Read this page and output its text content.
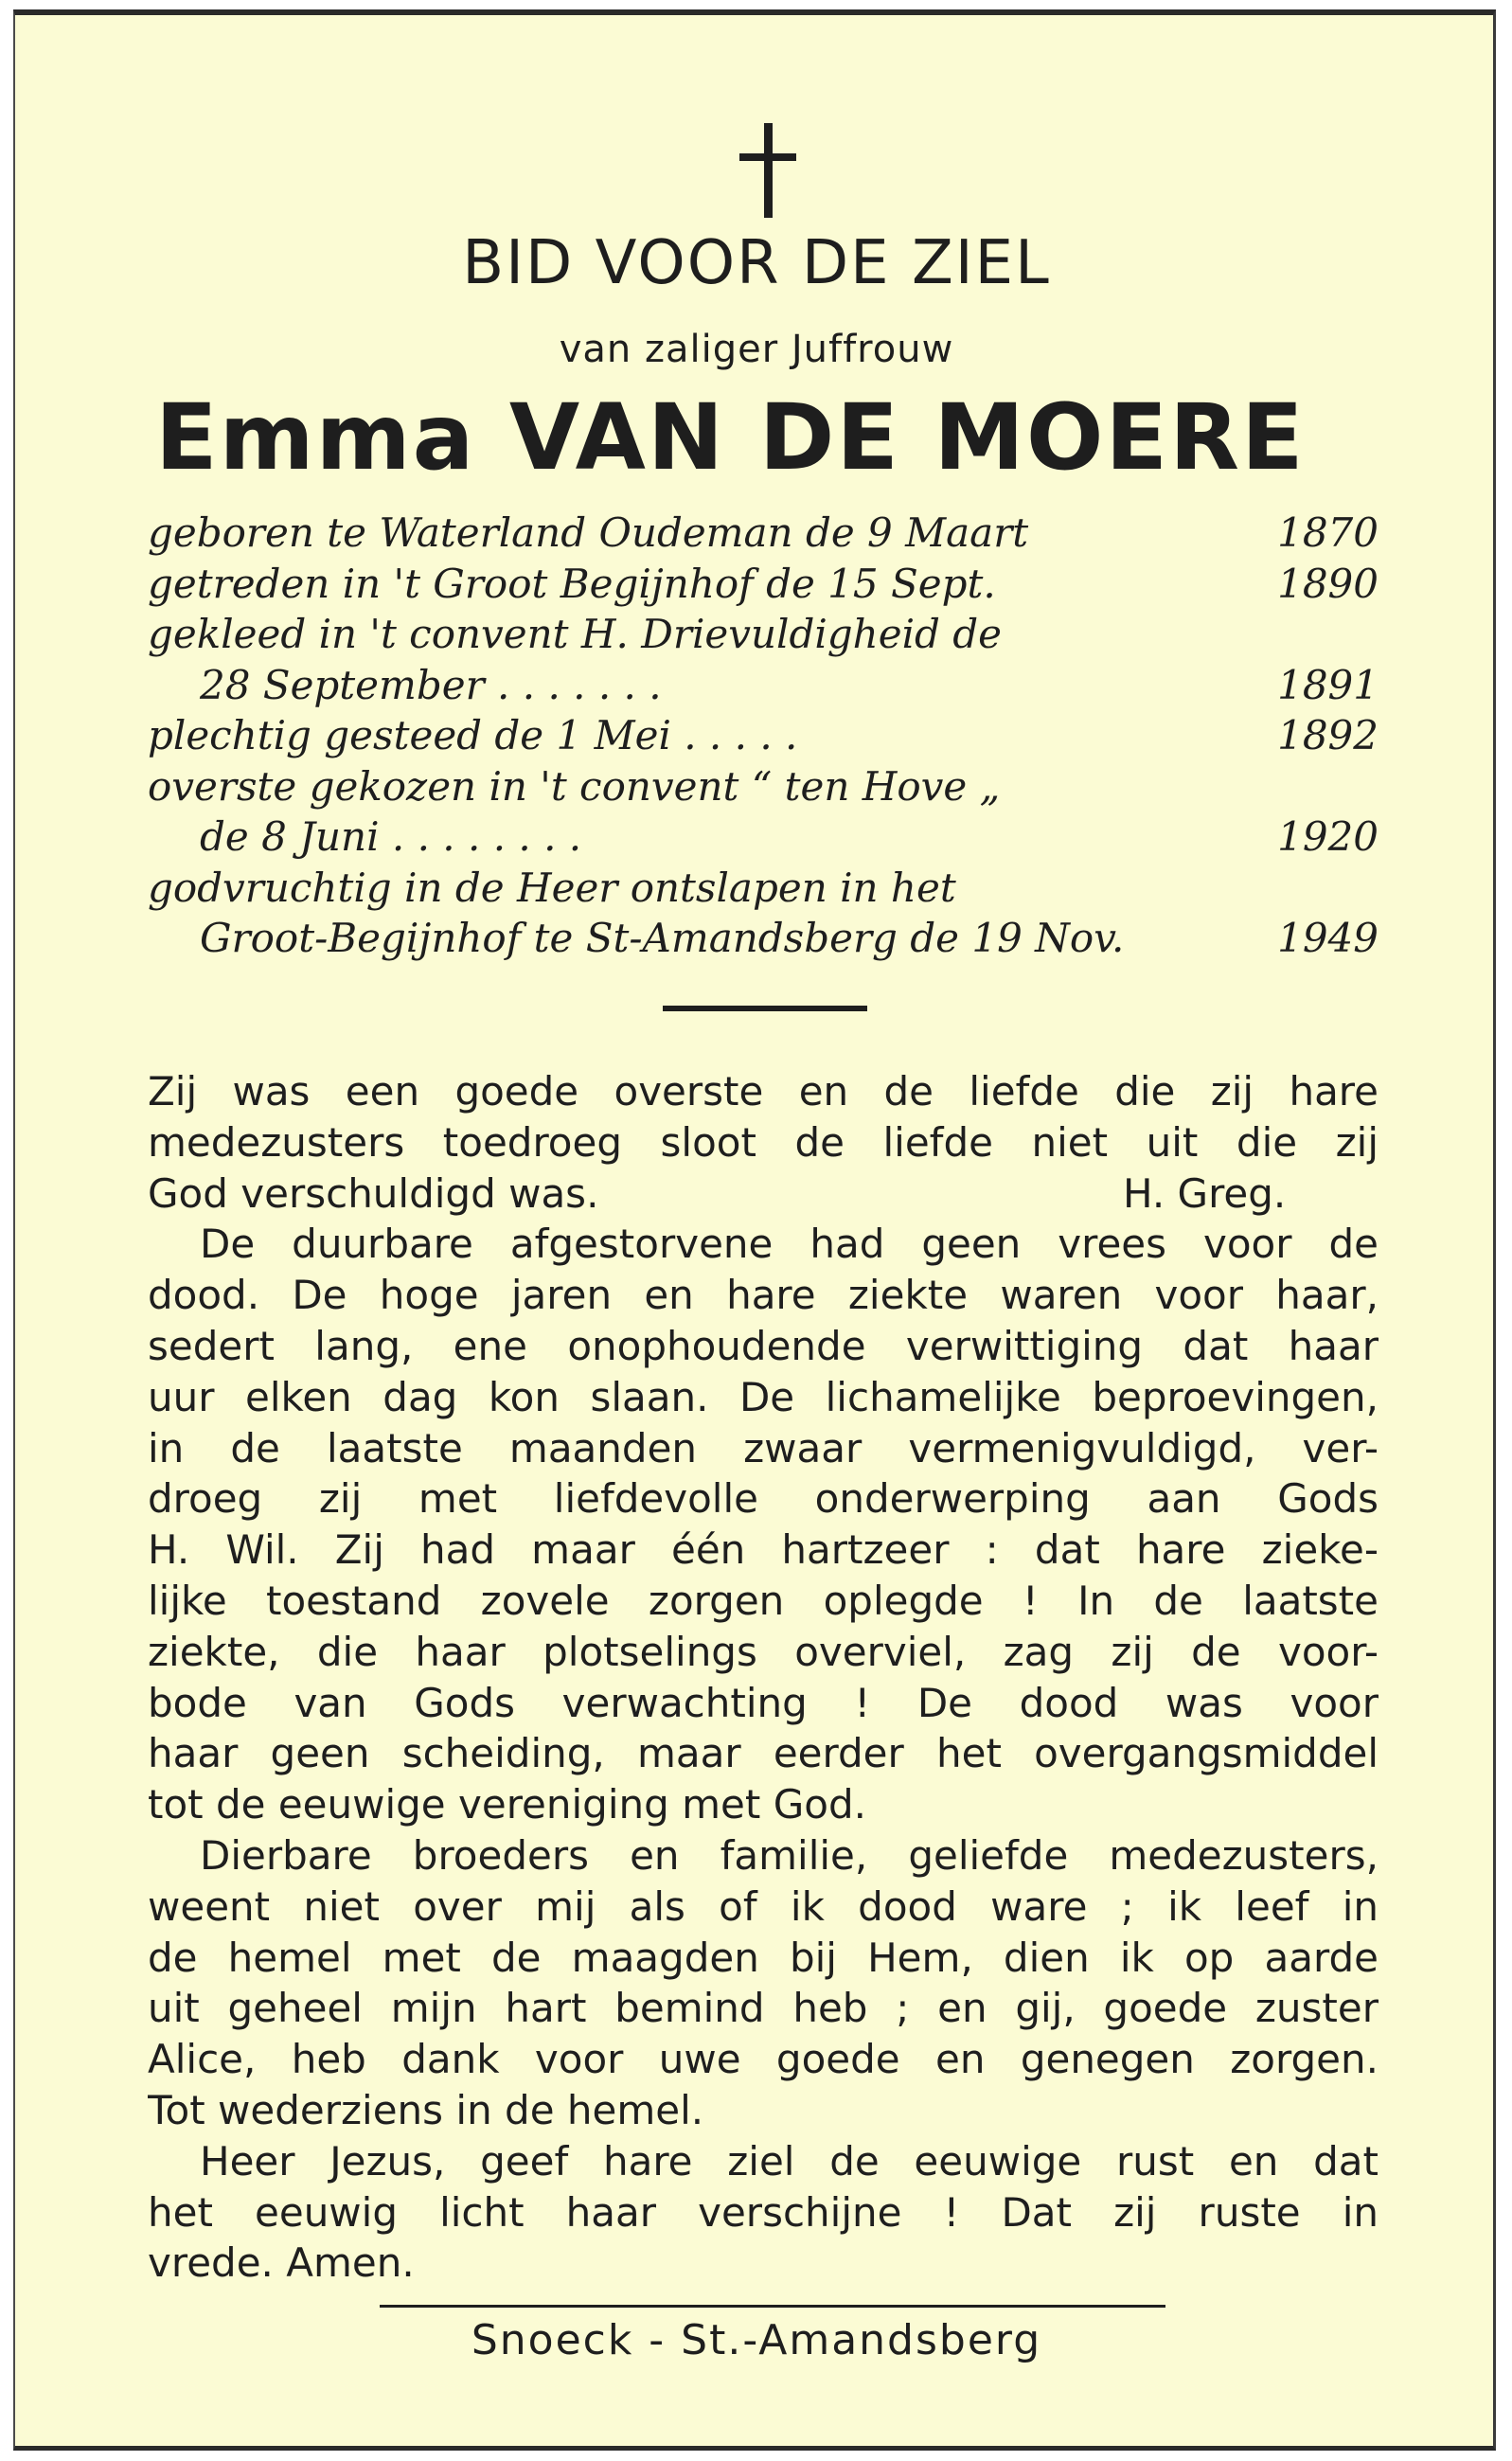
BID VOOR DE ZIEL
van zaliger Juffrouw
Emma VAN DE MOERE
geboren te Waterland Oudeman de 9 Maart	1870
getreden in 't Groot Begijnhof de 15 Sept.	1890
gekleed in 't convent H. Drievuldigheid de
28 September . . . . . . .	1891
plechtig gesteed de 1 Mei . . . . .	1892
overste gekozen in 't convent “ ten Hove „
de 8 Juni . . . . . . . .	1920
godvruchtig in de Heer ontslapen in het
Groot-Begijnhof te St-Amandsberg de 19 Nov.	1949
Zij was een goede overste en de liefde die zij hare
medezusters toedroeg sloot de liefde niet uit die zij
God verschuldigd was.	H. Greg.
De duurbare afgestorvene had geen vrees voor de
dood. De hoge jaren en hare ziekte waren voor haar,
sedert lang, ene onophoudende verwittiging dat haar
uur elken dag kon slaan. De lichamelijke beproevingen,
in de laatste maanden zwaar vermenigvuldigd, ver-
droeg zij met liefdevolle onderwerping aan Gods
H. Wil. Zij had maar één hartzeer : dat hare zieke-
lijke toestand zovele zorgen oplegde ! In de laatste
ziekte, die haar plotselings overviel, zag zij de voor-
bode van Gods verwachting ! De dood was voor
haar geen scheiding, maar eerder het overgangsmiddel
tot de eeuwige vereniging met God.
Dierbare broeders en familie, geliefde medezusters,
weent niet over mij als of ik dood ware ; ik leef in
de hemel met de maagden bij Hem, dien ik op aarde
uit geheel mijn hart bemind heb ; en gij, goede zuster
Alice, heb dank voor uwe goede en genegen zorgen.
Tot wederziens in de hemel.
Heer Jezus, geef hare ziel de eeuwige rust en dat
het eeuwig licht haar verschijne ! Dat zij ruste in
vrede. Amen.
Snoeck - St.-Amandsberg
